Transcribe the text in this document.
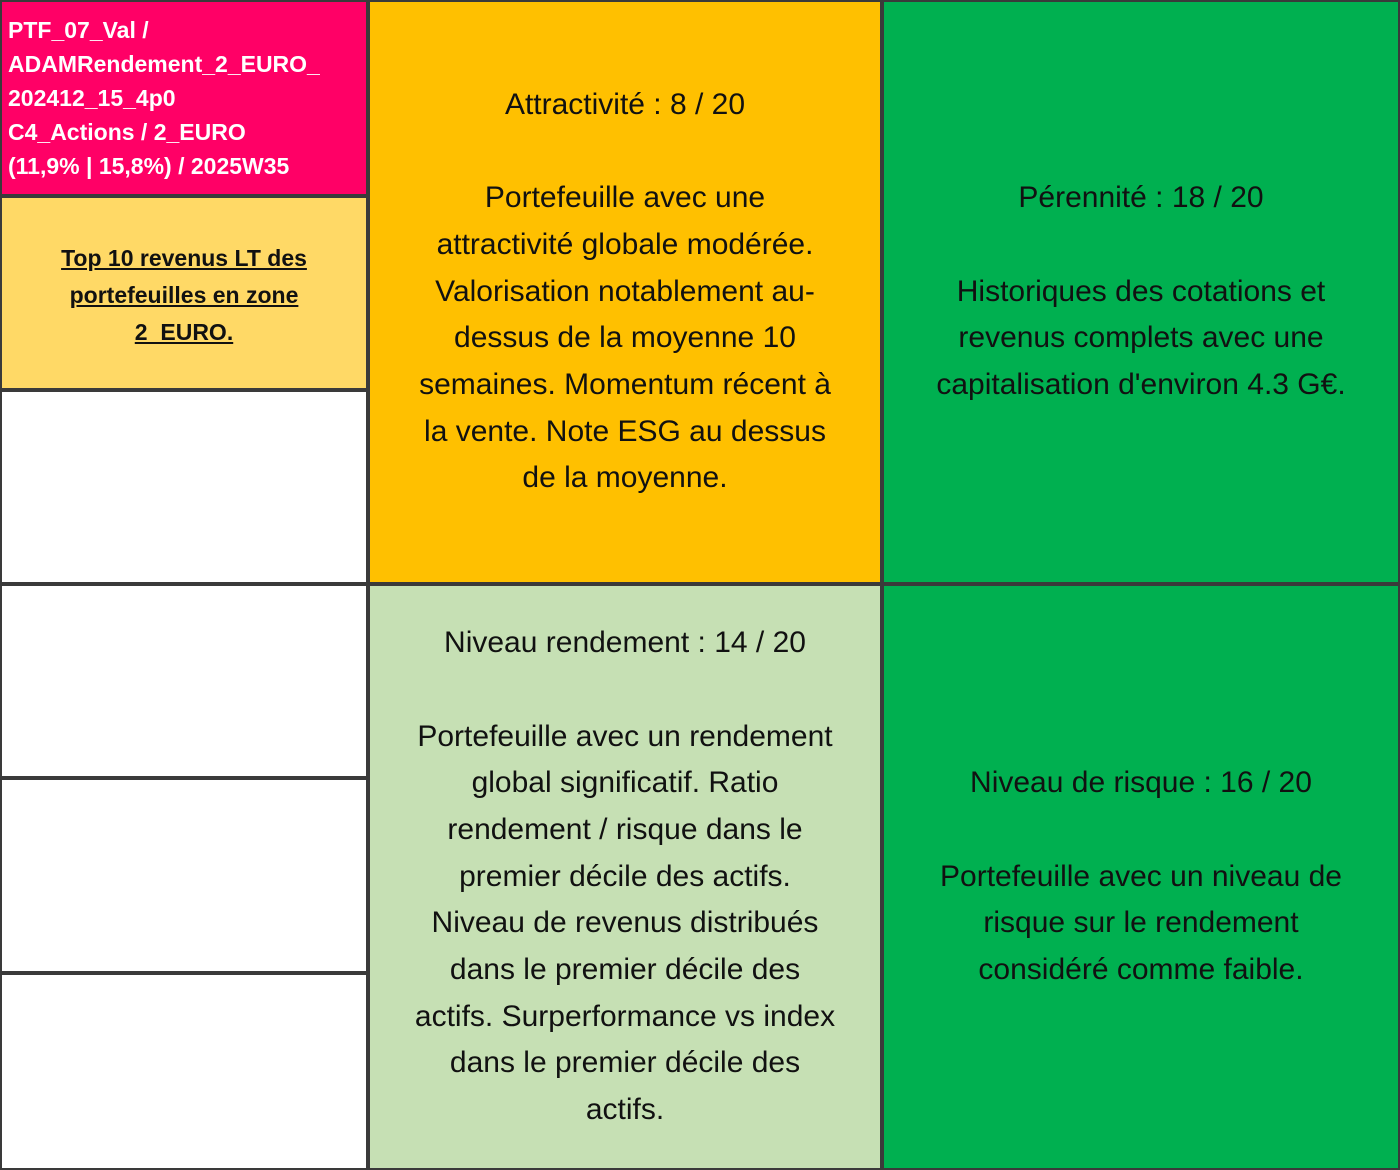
PTF_07_Val /
ADAMRendement_2_EURO_
202412_15_4p0
C4_Actions / 2_EURO
(11,9% | 15,8%) / 2025W35
Top 10 revenus LT des
portefeuilles en zone
2_EURO.
Attractivité : 8 / 20
Portefeuille avec une
attractivité globale modérée.
Valorisation notablement au-
dessus de la moyenne 10
semaines. Momentum récent à
la vente. Note ESG au dessus
de la moyenne.
Pérennité : 18 / 20
Historiques des cotations et
revenus complets avec une
capitalisation d'environ 4.3 G€.
Niveau rendement : 14 / 20
Portefeuille avec un rendement
global significatif. Ratio
rendement / risque dans le
premier décile des actifs.
Niveau de revenus distribués
dans le premier décile des
actifs. Surperformance vs index
dans le premier décile des
actifs.
Niveau de risque : 16 / 20
Portefeuille avec un niveau de
risque sur le rendement
considéré comme faible.
